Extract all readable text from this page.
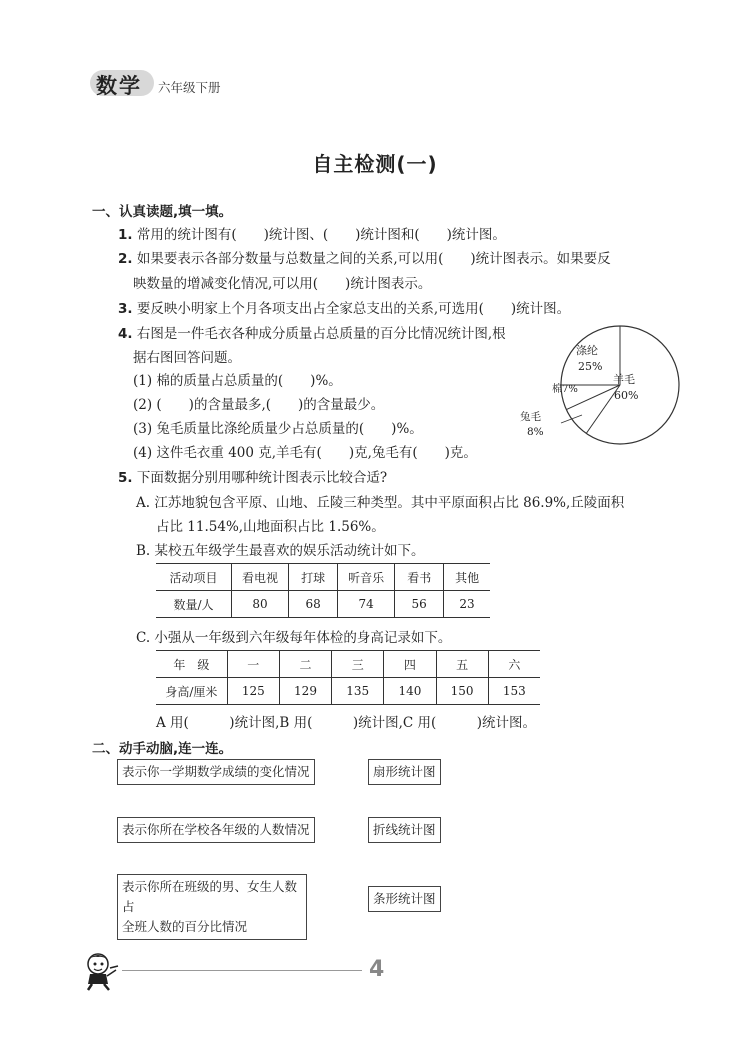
数学 六年级下册
自主检测(一)
一、认真读题,填一填。
1. 常用的统计图有(　　)统计图、(　　)统计图和(　　)统计图。
2. 如果要表示各部分数量与总数量之间的关系,可以用(　　)统计图表示。如果要反
映数量的增减变化情况,可以用(　　)统计图表示。
3. 要反映小明家上个月各项支出占全家总支出的关系,可选用(　　)统计图。
4. 右图是一件毛衣各种成分质量占总质量的百分比情况统计图,根
据右图回答问题。
(1) 棉的质量占总质量的(　　)%。
(2) (　　)的含量最多,(　　)的含量最少。
(3) 兔毛质量比涤纶质量少占总质量的(　　)%。
(4) 这件毛衣重 400 克,羊毛有(　　)克,兔毛有(　　)克。
涤纶
25%
羊毛
60%
棉7%
兔毛
8%
5. 下面数据分别用哪种统计图表示比较合适?
A. 江苏地貌包含平原、山地、丘陵三种类型。其中平原面积占比 86.9%,丘陵面积
占比 11.54%,山地面积占比 1.56%。
B. 某校五年级学生最喜欢的娱乐活动统计如下。
活动项目	看电视	打球	听音乐	看书	其他
数量/人	80	68	74	56	23
C. 小强从一年级到六年级每年体检的身高记录如下。
年　级	一	二	三	四	五	六
身高/厘米	125	129	135	140	150	153
A 用(　　　)统计图,B 用(　　　)统计图,C 用(　　　)统计图。
二、动手动脑,连一连。
表示你一学期数学成绩的变化情况
表示你所在学校各年级的人数情况
表示你所在班级的男、女生人数占
全班人数的百分比情况
扇形统计图
折线统计图
条形统计图
4
